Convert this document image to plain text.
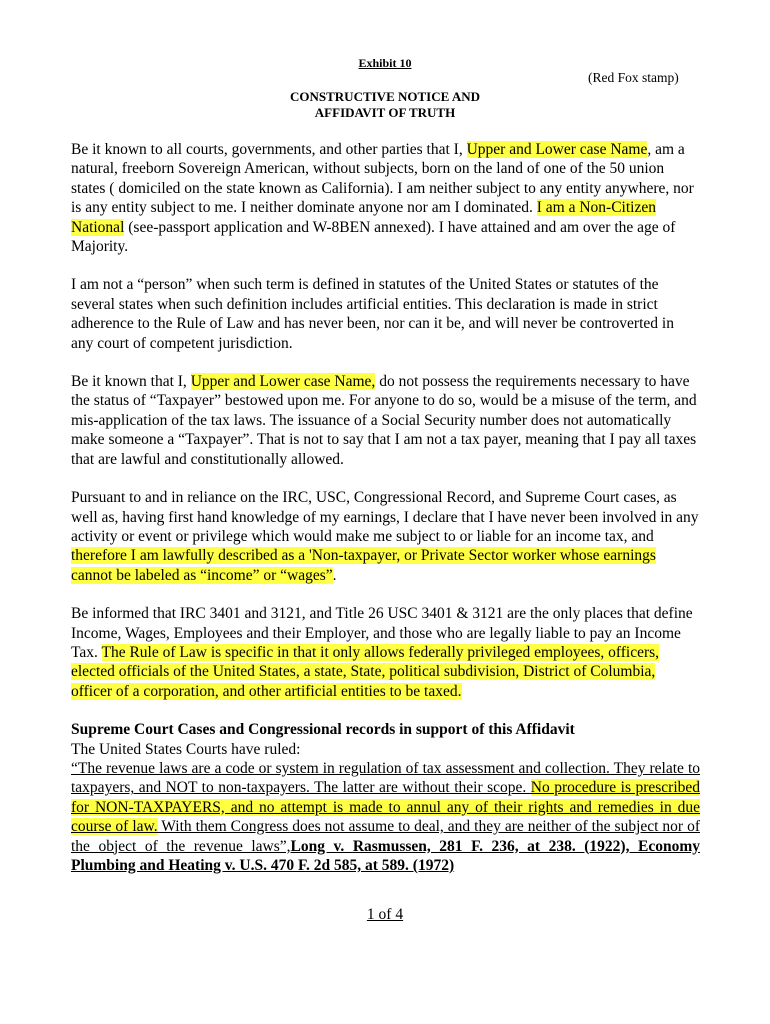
Exhibit 10
(Red Fox stamp)
CONSTRUCTIVE NOTICE AND
AFFIDAVIT OF TRUTH

Be it known to all courts, governments, and other parties that I, Upper and Lower case Name, am a natural, freeborn Sovereign American, without subjects, born on the land of one of the 50 union states ( domiciled on the state known as California). I am neither subject to any entity anywhere, nor is any entity subject to me. I neither dominate anyone nor am I dominated. I am a Non-Citizen National (see-passport application and W-8BEN annexed). I have attained and am over the age of Majority.

I am not a “person” when such term is defined in statutes of the United States or statutes of the several states when such definition includes artificial entities. This declaration is made in strict adherence to the Rule of Law and has never been, nor can it be, and will never be controverted in any court of competent jurisdiction.

Be it known that I, Upper and Lower case Name, do not possess the requirements necessary to have the status of “Taxpayer” bestowed upon me. For anyone to do so, would be a misuse of the term, and mis-application of the tax laws. The issuance of a Social Security number does not automatically make someone a “Taxpayer”. That is not to say that I am not a tax payer, meaning that I pay all taxes that are lawful and constitutionally allowed.

Pursuant to and in reliance on the IRC, USC, Congressional Record, and Supreme Court cases, as well as, having first hand knowledge of my earnings, I declare that I have never been involved in any activity or event or privilege which would make me subject to or liable for an income tax, and therefore I am lawfully described as a 'Non-taxpayer, or Private Sector worker whose earnings cannot be labeled as “income” or “wages”.

Be informed that IRC 3401 and 3121, and Title 26 USC 3401 & 3121 are the only places that define Income, Wages, Employees and their Employer, and those who are legally liable to pay an Income Tax. The Rule of Law is specific in that it only allows federally privileged employees, officers, elected officials of the United States, a state, State, political subdivision, District of Columbia, officer of a corporation, and other artificial entities to be taxed.

Supreme Court Cases and Congressional records in support of this Affidavit
The United States Courts have ruled:
“The revenue laws are a code or system in regulation of tax assessment and collection. They relate to taxpayers, and NOT to non-taxpayers. The latter are without their scope. No procedure is prescribed for NON-TAXPAYERS, and no attempt is made to annul any of their rights and remedies in due course of law. With them Congress does not assume to deal, and they are neither of the subject nor of the object of the revenue laws”,Long v. Rasmussen, 281 F. 236, at 238. (1922), Economy Plumbing and Heating v. U.S. 470 F. 2d 585, at 589. (1972)
1 of 4
